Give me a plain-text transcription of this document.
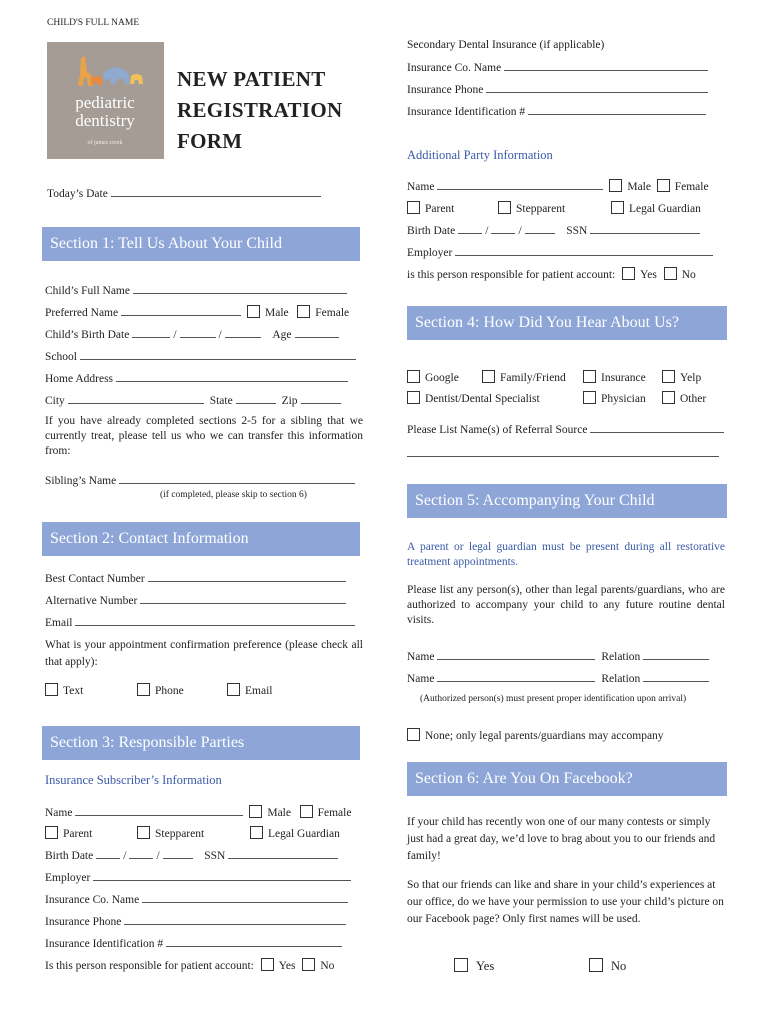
CHILD'S FULL NAME
pediatric
dentistry
of james creek
NEW PATIENT
REGISTRATION
FORM
Today’s Date
Section 1: Tell Us About Your Child
Child’s Full Name
Preferred Name	Male Female
Child’s Birth Date	/	/	Age
School
Home Address
City	State	Zip
If you have already completed sections 2-5 for a sibling that we currently treat, please tell us who we can transfer this information from:
Sibling’s Name
(if completed, please skip to section 6)
Section 2: Contact Information
Best Contact Number
Alternative Number
Email
What is your appointment confirmation preference (please check all that apply):
Text	Phone	Email
Section 3: Responsible Parties
Insurance Subscriber’s Information
Name	Male Female
Parent	Stepparent	Legal Guardian
Birth Date	/	/	SSN
Employer
Insurance Co. Name
Insurance Phone
Insurance Identification #
Is this person responsible for patient account: Yes No
Secondary Dental Insurance (if applicable)
Insurance Co. Name
Insurance Phone
Insurance Identification #
Additional Party Information
Name	Male Female
Parent	Stepparent	Legal Guardian
Birth Date	/	/	SSN
Employer
is this person responsible for patient account: Yes No
Section 4: How Did You Hear About Us?
Google	Family/Friend	Insurance	Yelp
Dentist/Dental Specialist	Physician	Other
Please List Name(s) of Referral Source
Section 5: Accompanying Your Child
A parent or legal guardian must be present during all restorative treatment appointments.
Please list any person(s), other than legal parents/guardians, who are authorized to accompany your child to any future routine dental visits.
Name	Relation
Name	Relation
(Authorized person(s) must present proper identification upon arrival)
None; only legal parents/guardians may accompany
Section 6: Are You On Facebook?
If your child has recently won one of our many contests or simply just had a great day, we’d love to brag about you to our friends and family!
So that our friends can like and share in your child’s experiences at our office, do we have your permission to use your child’s picture on our Facebook page? Only first names will be used.
Yes	No
